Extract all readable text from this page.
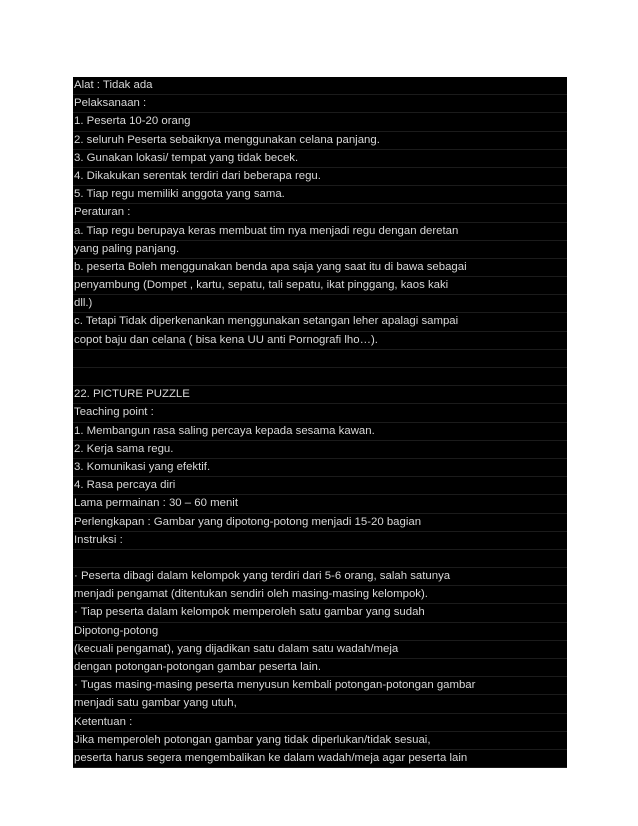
Alat : Tidak ada
Pelaksanaan :
1. Peserta 10-20 orang
2. seluruh Peserta sebaiknya menggunakan celana panjang.
3. Gunakan lokasi/ tempat yang tidak becek.
4. Dikakukan serentak terdiri dari beberapa regu.
5. Tiap regu memiliki anggota yang sama.
Peraturan :
a. Tiap regu berupaya keras membuat tim nya menjadi regu dengan deretan
yang paling panjang.
b. peserta Boleh menggunakan benda apa saja yang saat itu di bawa sebagai
penyambung (Dompet , kartu, sepatu, tali sepatu, ikat pinggang, kaos kaki
dll.)
c. Tetapi Tidak diperkenankan menggunakan setangan leher apalagi sampai
copot baju dan celana ( bisa kena UU anti Pornografi lho…).
22. PICTURE PUZZLE
Teaching point :
1. Membangun rasa saling percaya kepada sesama kawan.
2. Kerja sama regu.
3. Komunikasi yang efektif.
4. Rasa percaya diri
Lama permainan : 30 – 60 menit
Perlengkapan : Gambar yang dipotong-potong menjadi 15-20 bagian
Instruksi :
· Peserta dibagi dalam kelompok yang terdiri dari 5-6 orang, salah satunya
menjadi pengamat (ditentukan sendiri oleh masing-masing kelompok).
· Tiap peserta dalam kelompok memperoleh satu gambar yang sudah
Dipotong-potong
(kecuali pengamat), yang dijadikan satu dalam satu wadah/meja
dengan potongan-potongan gambar peserta lain.
· Tugas masing-masing peserta menyusun kembali potongan-potongan gambar
menjadi satu gambar yang utuh,
Ketentuan :
Jika memperoleh potongan gambar yang tidak diperlukan/tidak sesuai,
peserta harus segera mengembalikan ke dalam wadah/meja agar peserta lain
